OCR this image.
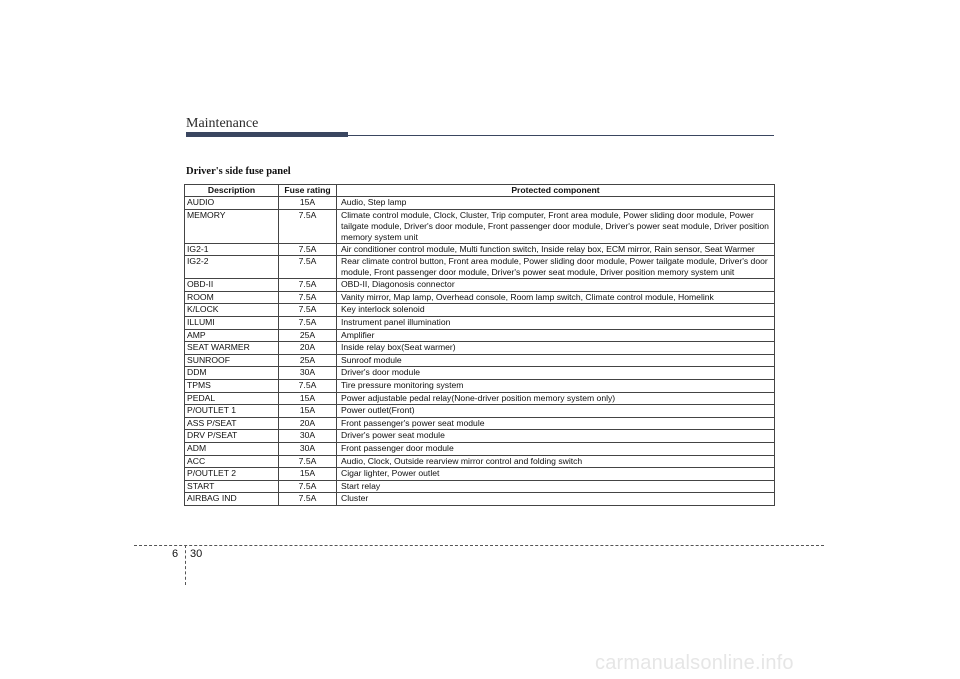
Maintenance
Driver's side fuse panel
Description	Fuse rating	Protected component
AUDIO	15A	Audio, Step lamp
MEMORY	7.5A	Climate control module, Clock, Cluster, Trip computer, Front area module, Power sliding door module, Power tailgate module, Driver's door module, Front passenger door module, Driver's power seat module, Driver position memory system unit
IG2-1	7.5A	Air conditioner control module, Multi function switch, Inside relay box, ECM mirror, Rain sensor, Seat Warmer
IG2-2	7.5A	Rear climate control button, Front area module, Power sliding door module, Power tailgate module, Driver's door module, Front passenger door module, Driver's power seat module, Driver position memory system unit
OBD-II	7.5A	OBD-II, Diagonosis connector
ROOM	7.5A	Vanity mirror, Map lamp, Overhead console, Room lamp switch, Climate control module, Homelink
K/LOCK	7.5A	Key interlock solenoid
ILLUMI	7.5A	Instrument panel illumination
AMP	25A	Amplifier
SEAT WARMER	20A	Inside relay box(Seat warmer)
SUNROOF	25A	Sunroof module
DDM	30A	Driver's door module
TPMS	7.5A	Tire pressure monitoring system
PEDAL	15A	Power adjustable pedal relay(None-driver position memory system only)
P/OUTLET 1	15A	Power outlet(Front)
ASS P/SEAT	20A	Front passenger's power seat module
DRV P/SEAT	30A	Driver's power seat module
ADM	30A	Front passenger door module
ACC	7.5A	Audio, Clock, Outside rearview mirror control and folding switch
P/OUTLET 2	15A	Cigar lighter, Power outlet
START	7.5A	Start relay
AIRBAG IND	7.5A	Cluster
6 30
carmanualsonline.info
